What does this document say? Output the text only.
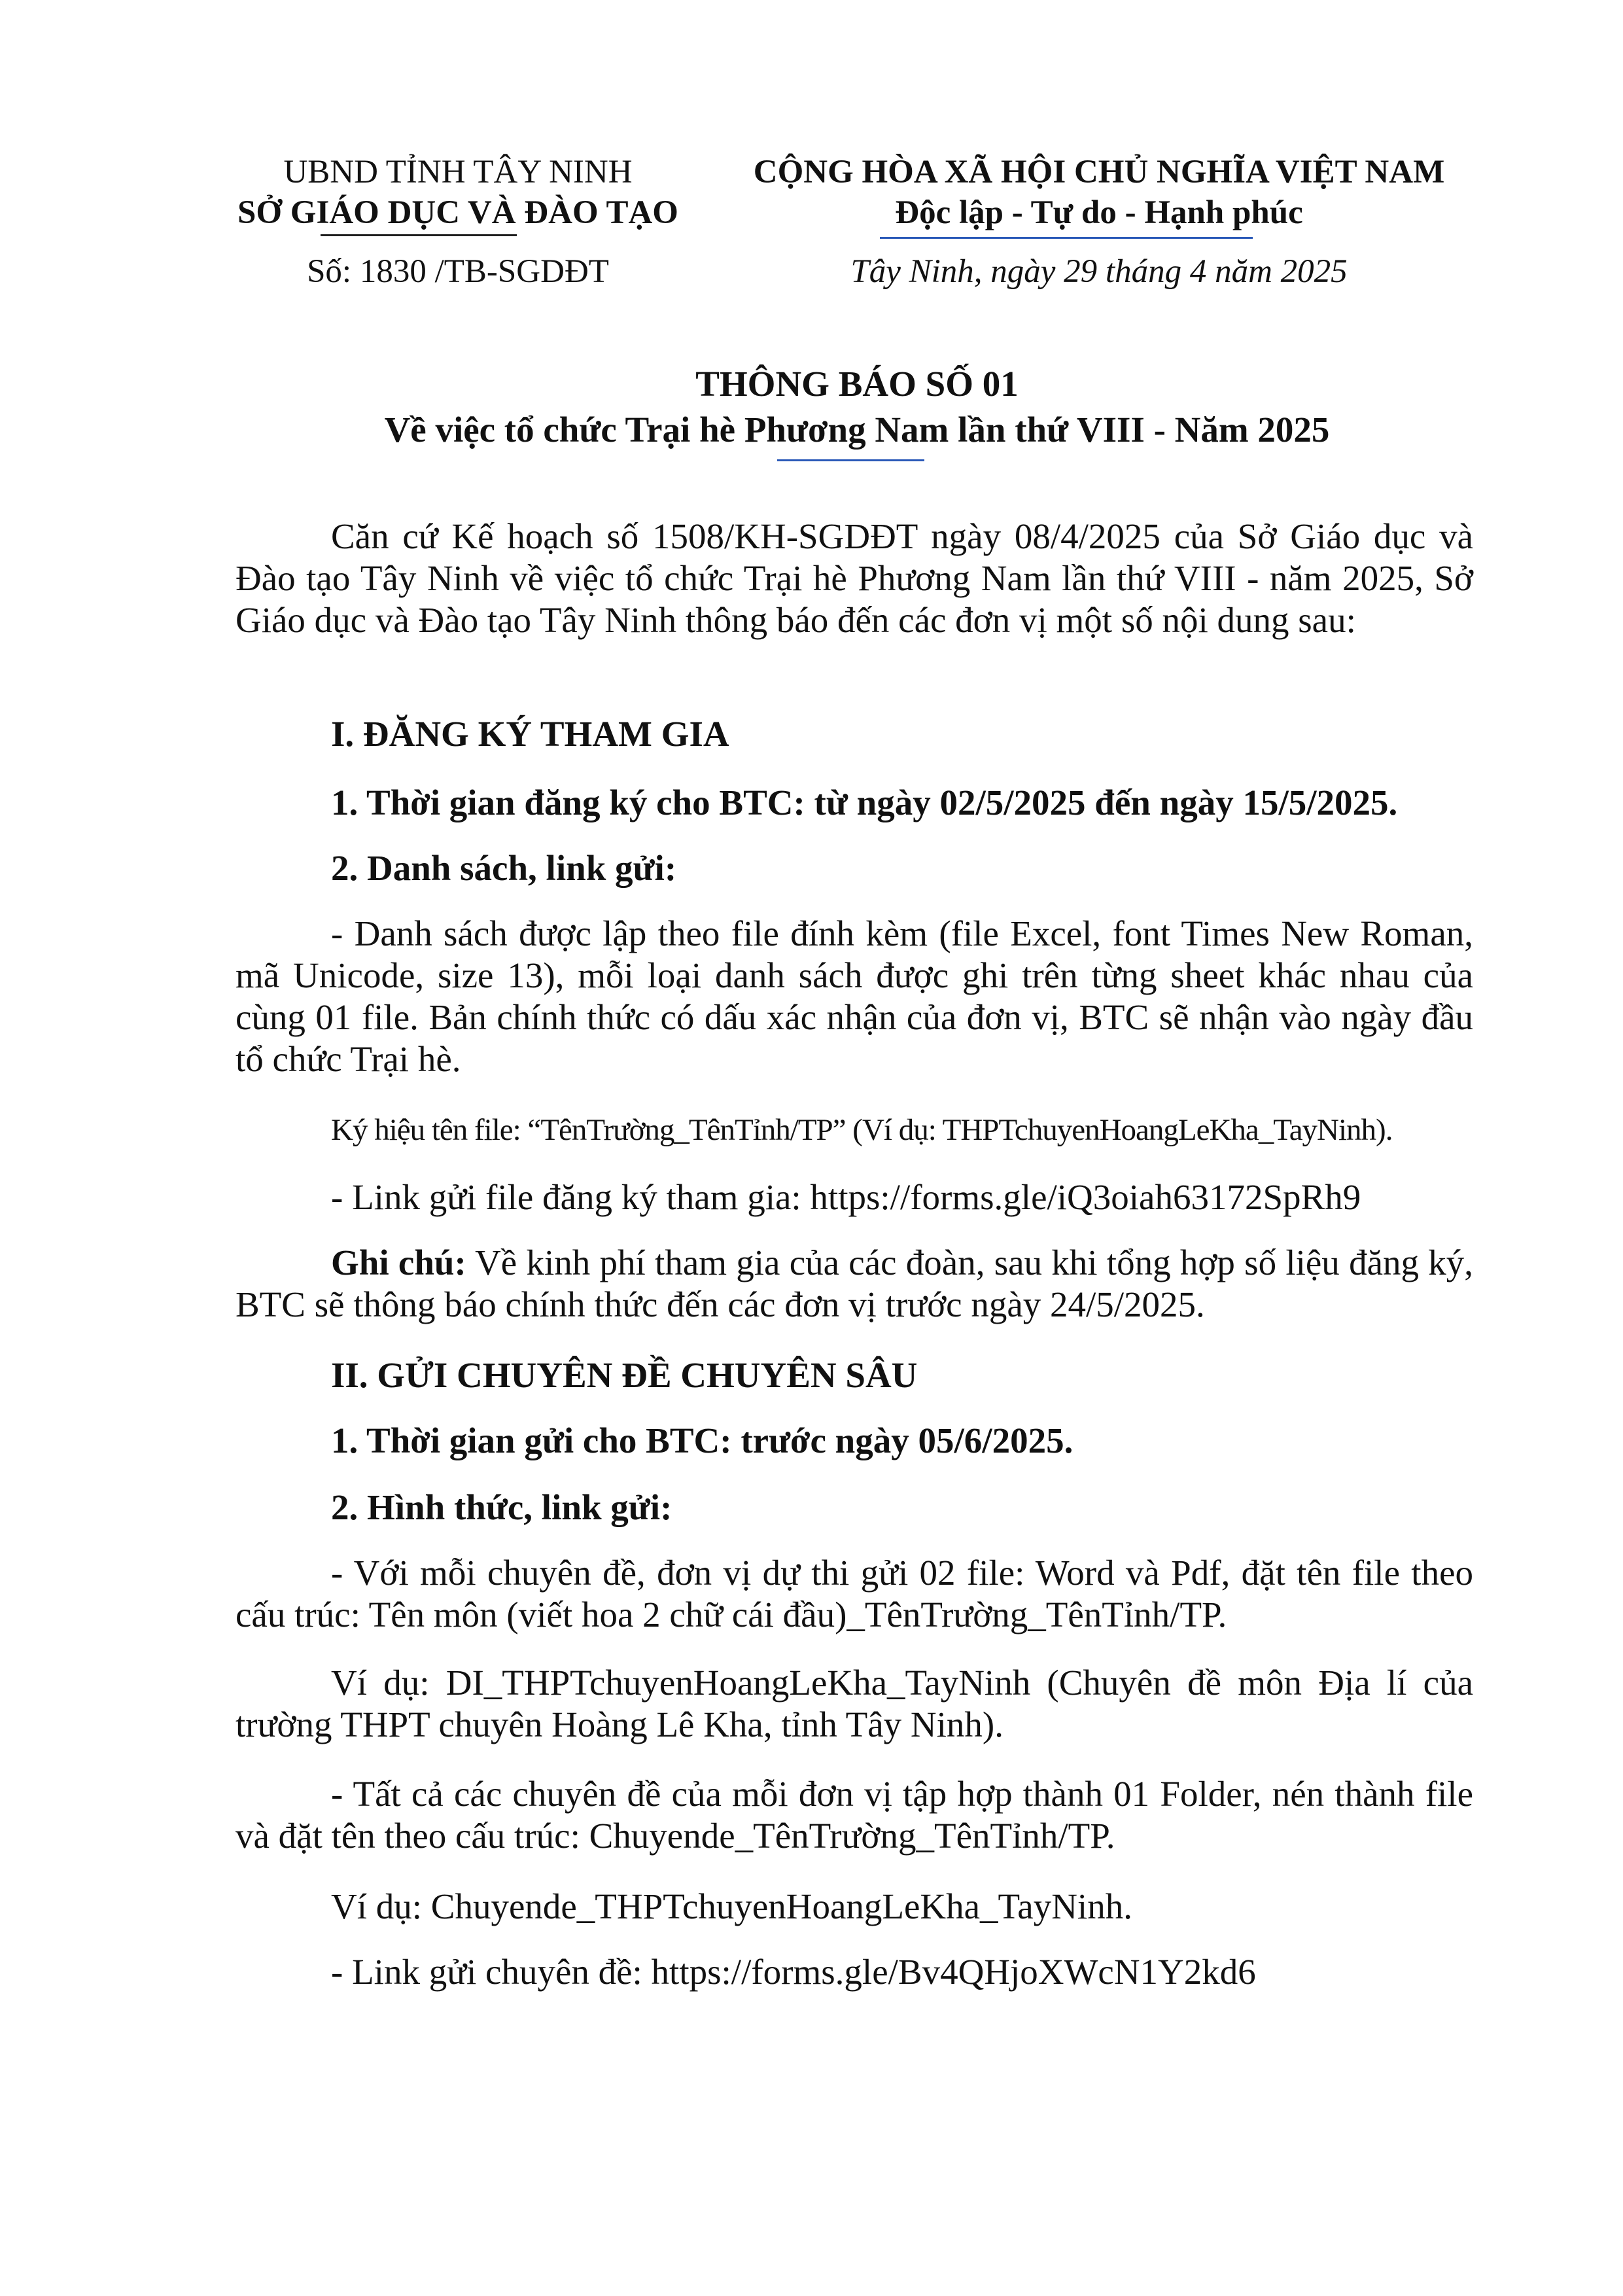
UBND TỈNH TÂY NINH
SỞ GIÁO DỤC VÀ ĐÀO TẠO
Số: 1830 /TB-SGDĐT
CỘNG HÒA XÃ HỘI CHỦ NGHĨA VIỆT NAM
Độc lập - Tự do - Hạnh phúc
Tây Ninh, ngày 29 tháng 4 năm 2025
THÔNG BÁO SỐ 01
Về việc tổ chức Trại hè Phương Nam lần thứ VIII - Năm 2025
Căn cứ Kế hoạch số 1508/KH-SGDĐT ngày 08/4/2025 của Sở Giáo dục và Đào tạo Tây Ninh về việc tổ chức Trại hè Phương Nam lần thứ VIII - năm 2025, Sở Giáo dục và Đào tạo Tây Ninh thông báo đến các đơn vị một số nội dung sau:
I. ĐĂNG KÝ THAM GIA
1. Thời gian đăng ký cho BTC: từ ngày 02/5/2025 đến ngày 15/5/2025.
2. Danh sách, link gửi:
- Danh sách được lập theo file đính kèm (file Excel, font Times New Roman, mã Unicode, size 13), mỗi loại danh sách được ghi trên từng sheet khác nhau của cùng 01 file. Bản chính thức có dấu xác nhận của đơn vị, BTC sẽ nhận vào ngày đầu tổ chức Trại hè.
Ký hiệu tên file: “TênTrường_TênTỉnh/TP” (Ví dụ: THPTchuyenHoangLeKha_TayNinh).
- Link gửi file đăng ký tham gia: https://forms.gle/iQ3oiah63172SpRh9
Ghi chú: Về kinh phí tham gia của các đoàn, sau khi tổng hợp số liệu đăng ký, BTC sẽ thông báo chính thức đến các đơn vị trước ngày 24/5/2025.
II. GỬI CHUYÊN ĐỀ CHUYÊN SÂU
1. Thời gian gửi cho BTC: trước ngày 05/6/2025.
2. Hình thức, link gửi:
- Với mỗi chuyên đề, đơn vị dự thi gửi 02 file: Word và Pdf, đặt tên file theo cấu trúc: Tên môn (viết hoa 2 chữ cái đầu)_TênTrường_TênTỉnh/TP.
Ví dụ: DI_THPTchuyenHoangLeKha_TayNinh (Chuyên đề môn Địa lí của trường THPT chuyên Hoàng Lê Kha, tỉnh Tây Ninh).
- Tất cả các chuyên đề của mỗi đơn vị tập hợp thành 01 Folder, nén thành file và đặt tên theo cấu trúc: Chuyende_TênTrường_TênTỉnh/TP.
Ví dụ: Chuyende_THPTchuyenHoangLeKha_TayNinh.
- Link gửi chuyên đề: https://forms.gle/Bv4QHjoXWcN1Y2kd6
